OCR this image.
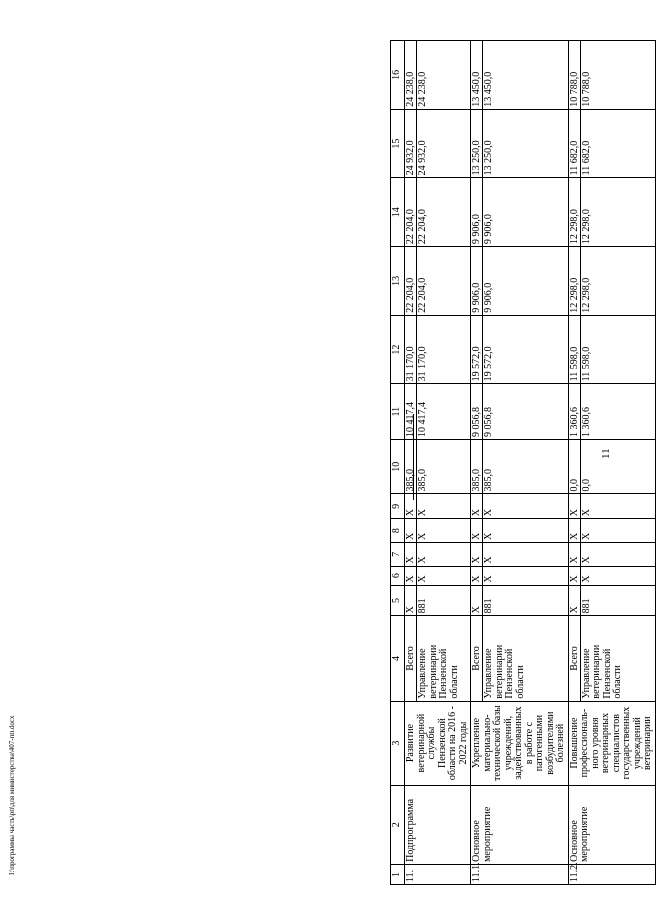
11
I:\программы часть\рп\для министерства\407-пп.docx	1	2	3	4	5	6	7	8	9	10	11	12	13	14	15	16
11.	Подпрограмма	Развитие ветеринарной службы Пензенской области на 2016 - 2022 годы	Всего Управление ветеринарии Пензенской области	X 881	X X	X X	X X	X X	385,0 385,0	10 417,4 10 417,4	31 170,0 31 170,0	22 204,0 22 204,0	22 204,0 22 204,0	24 932,0 24 932,0	24 238,0 24 238,0

11.1.	Основное мероприятие	Укрепление материально-технической базы учреждений, задействованных в работе с патогенными возбудителями болезней	Всего Управление ветеринарии Пензенской области	X 881	X X	X X	X X	X X	385,0 385,0	9 056,8 9 056,8	19 572,0 19 572,0	9 906,0 9 906,0	9 906,0 9 906,0	13 250,0 13 250,0	13 450,0 13 450,0

11.2.	Основное мероприятие	Повышение профессиональ-ного уровня ветеринарных специалистов государственных учреждений ветеринарии	Всего Управление ветеринарии Пензенской области	X 881	X X	X X	X X	X X	0,0 0,0	1 360,6 1 360,6	11 598,0 11 598,0	12 298,0 12 298,0	12 298,0 12 298,0	11 682,0 11 682,0	10 788,0 10 788,0
